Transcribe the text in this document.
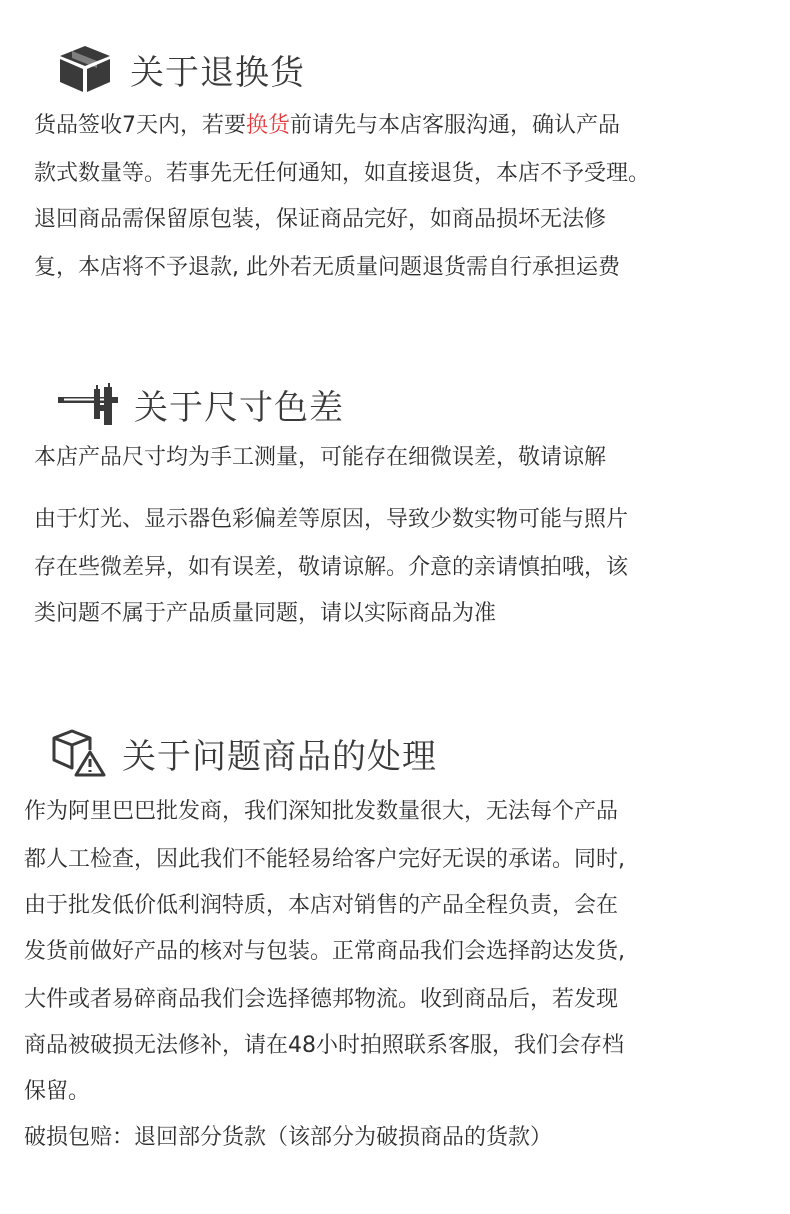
关于退换货
货品签收7天内，若要换货前请先与本店客服沟通，确认产品
款式数量等。若事先无任何通知，如直接退货，本店不予受理。
退回商品需保留原包装，保证商品完好，如商品损坏无法修
复，本店将不予退款, 此外若无质量问题退货需自行承担运费
关于尺寸色差
本店产品尺寸均为手工测量，可能存在细微误差，敬请谅解
由于灯光、显示器色彩偏差等原因，导致少数实物可能与照片
存在些微差异，如有误差，敬请谅解。介意的亲请慎拍哦，该
类问题不属于产品质量同题，请以实际商品为准
关于问题商品的处理
作为阿里巴巴批发商，我们深知批发数量很大，无法每个产品
都人工检查，因此我们不能轻易给客户完好无误的承诺。同时,
由于批发低价低利润特质，本店对销售的产品全程负责，会在
发货前做好产品的核对与包装。正常商品我们会选择韵达发货,
大件或者易碎商品我们会选择德邦物流。收到商品后，若发现
商品被破损无法修补，请在48小时拍照联系客服，我们会存档
保留。
破损包赔：退回部分货款（该部分为破损商品的货款）
